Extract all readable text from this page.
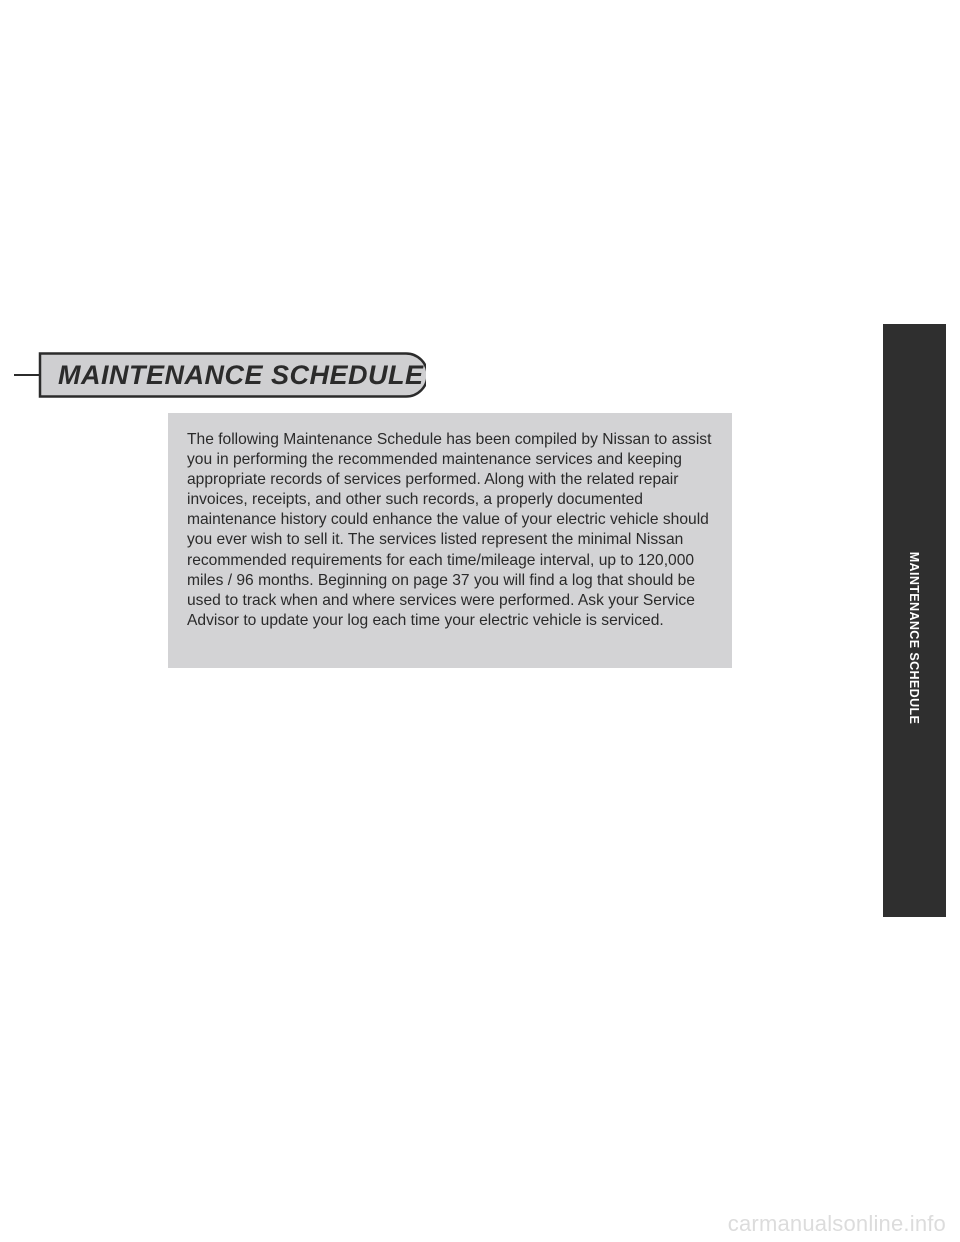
MAINTENANCE SCHEDULE

The following Maintenance Schedule has been compiled by Nissan to assist you in performing the recommended maintenance services and keeping appropriate records of services performed. Along with the related repair invoices, receipts, and other such records, a properly documented maintenance history could enhance the value of your electric vehicle should you ever wish to sell it. The services listed represent the minimal Nissan recommended requirements for each time/mileage interval, up to 120,000 miles / 96 months. Beginning on page 37 you will find a log that should be used to track when and where services were performed. Ask your Service Advisor to update your log each time your electric vehicle is serviced.	MAINTENANCE SCHEDULE
11
carmanualsonline.info
